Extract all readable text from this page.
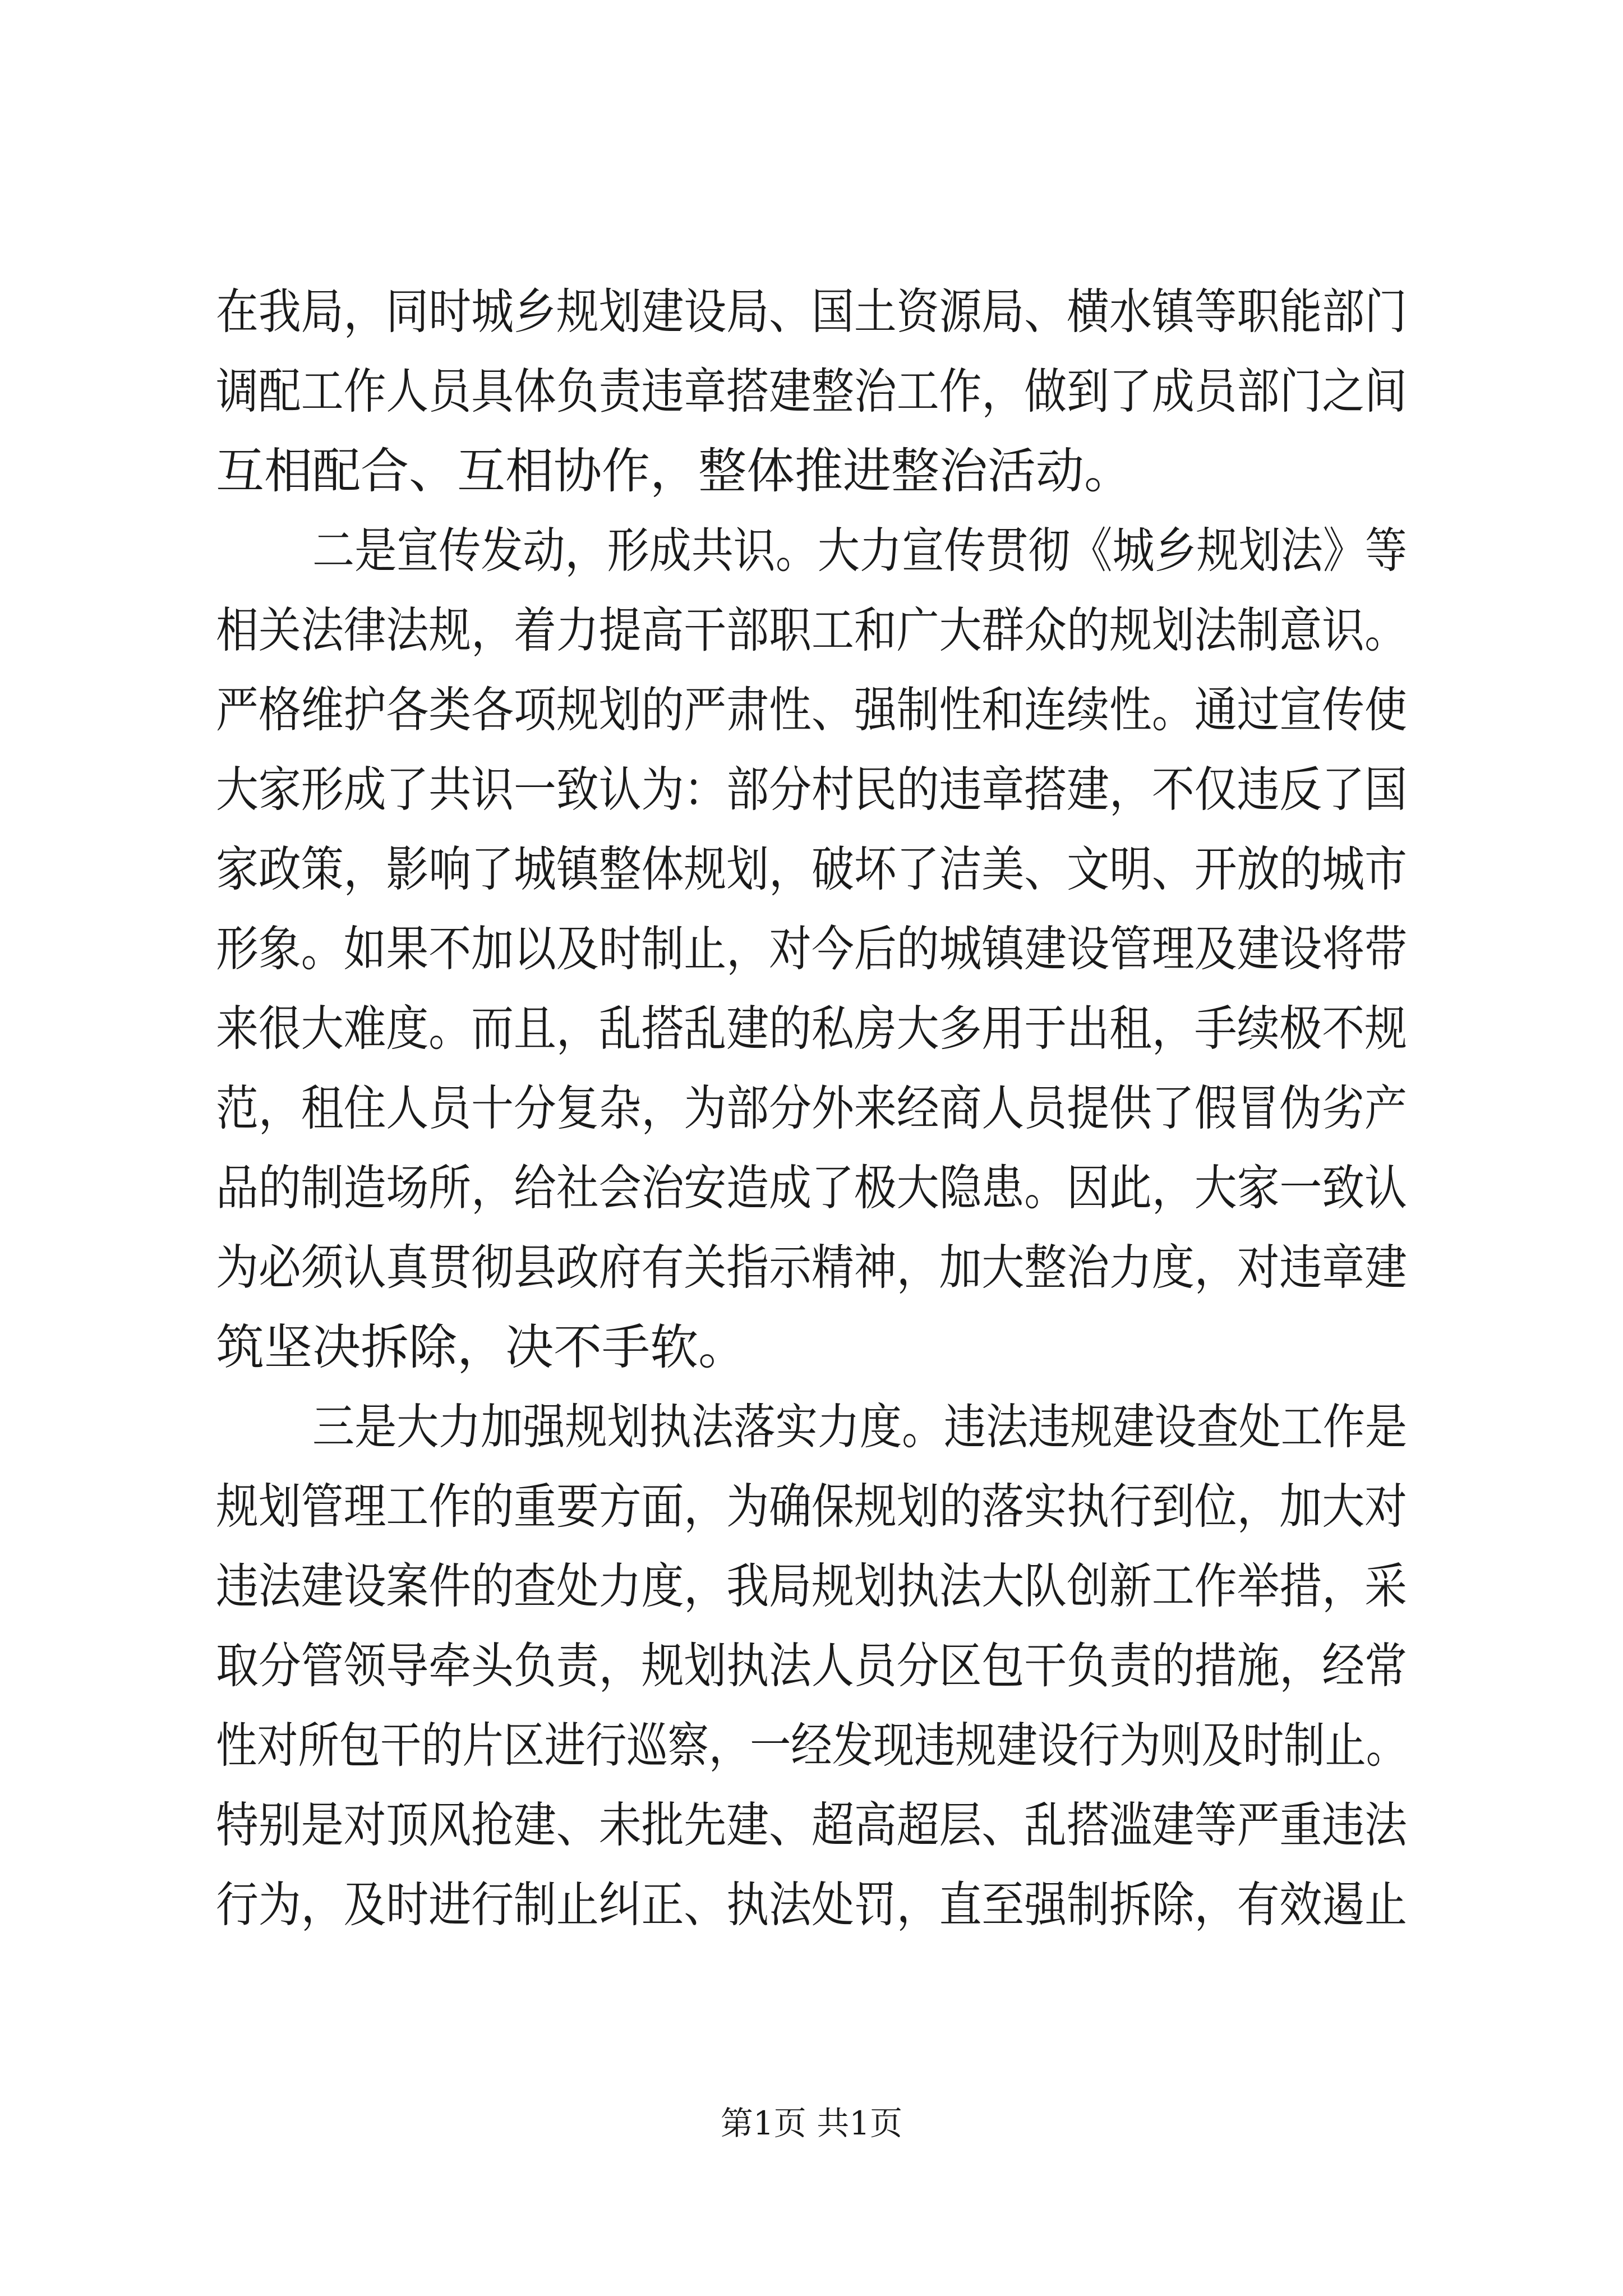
在我局，同时城乡规划建设局、国土资源局、横水镇等职能部门
调配工作人员具体负责违章搭建整治工作，做到了成员部门之间
互相配合、互相协作，整体推进整治活动。
二是宣传发动，形成共识。大力宣传贯彻《城乡规划法》等
相关法律法规，着力提高干部职工和广大群众的规划法制意识。
严格维护各类各项规划的严肃性、强制性和连续性。通过宣传使
大家形成了共识一致认为：部分村民的违章搭建，不仅违反了国
家政策，影响了城镇整体规划，破坏了洁美、文明、开放的城市
形象。如果不加以及时制止，对今后的城镇建设管理及建设将带
来很大难度。而且，乱搭乱建的私房大多用于出租，手续极不规
范，租住人员十分复杂，为部分外来经商人员提供了假冒伪劣产
品的制造场所，给社会治安造成了极大隐患。因此，大家一致认
为必须认真贯彻县政府有关指示精神，加大整治力度，对违章建
筑坚决拆除，决不手软。
三是大力加强规划执法落实力度。违法违规建设查处工作是
规划管理工作的重要方面，为确保规划的落实执行到位，加大对
违法建设案件的查处力度，我局规划执法大队创新工作举措，采
取分管领导牵头负责，规划执法人员分区包干负责的措施，经常
性对所包干的片区进行巡察，一经发现违规建设行为则及时制止。
特别是对顶风抢建、未批先建、超高超层、乱搭滥建等严重违法
行为，及时进行制止纠正、执法处罚，直至强制拆除，有效遏止
第1页 共1页
